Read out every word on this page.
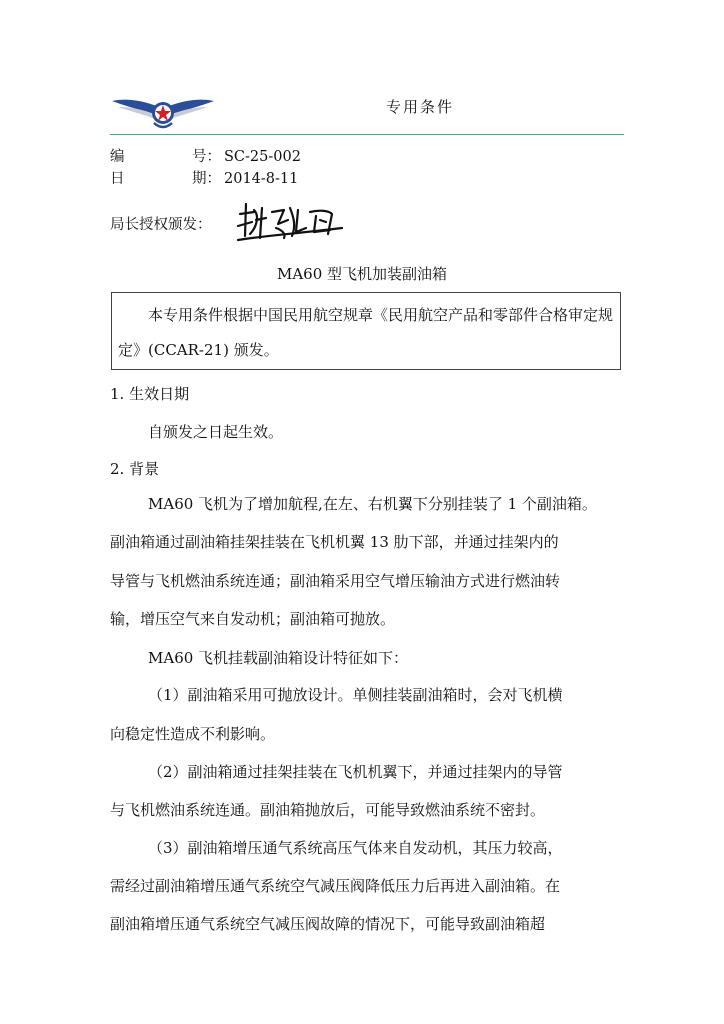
专用条件
编	号： SC-25-002
日	期： 2014-8-11
局长授权颁发：
MA60 型飞机加装副油箱
本专用条件根据中国民用航空规章《民用航空产品和零部件合格审定规定》(CCAR-21) 颁发。
1. 生效日期
自颁发之日起生效。
2. 背景
MA60 飞机为了增加航程,在左、右机翼下分别挂装了 1 个副油箱。
副油箱通过副油箱挂架挂装在飞机机翼 13 肋下部，并通过挂架内的
导管与飞机燃油系统连通；副油箱采用空气增压输油方式进行燃油转
输，增压空气来自发动机；副油箱可抛放。
MA60 飞机挂载副油箱设计特征如下：
（1）副油箱采用可抛放设计。单侧挂装副油箱时，会对飞机横
向稳定性造成不利影响。
（2）副油箱通过挂架挂装在飞机机翼下，并通过挂架内的导管
与飞机燃油系统连通。副油箱抛放后，可能导致燃油系统不密封。
（3）副油箱增压通气系统高压气体来自发动机，其压力较高，
需经过副油箱增压通气系统空气减压阀降低压力后再进入副油箱。在
副油箱增压通气系统空气减压阀故障的情况下，可能导致副油箱超
